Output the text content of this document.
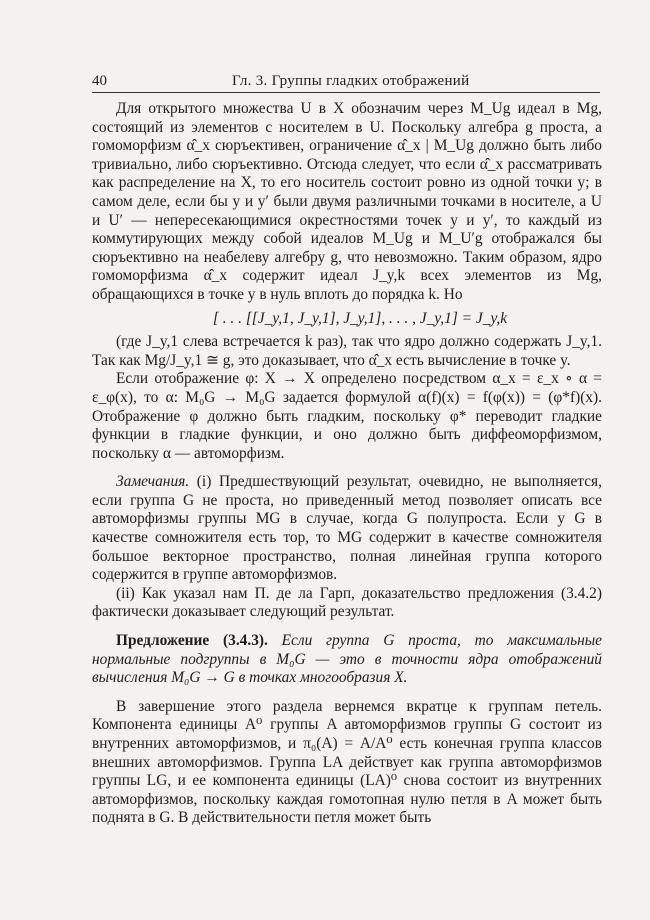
40	Гл. 3. Группы гладких отображений

Для открытого множества U в X обозначим через M_Ug идеал в Mg, состоящий из элементов с носителем в U. Поскольку алгебра g проста, а гомоморфизм α̂_x сюръективен, ограничение α̂_x | M_Ug должно быть либо тривиально, либо сюръективно. Отсюда следует, что если α̂_x рассматривать как распределение на X, то его носитель состоит ровно из одной точки y; в самом деле, если бы y и y′ были двумя различными точками в носителе, а U и U′ — непересекающимися окрестностями точек y и y′, то каждый из коммутирующих между собой идеалов M_Ug и M_U′g отображался бы сюръективно на неабелеву алгебру g, что невозможно. Таким образом, ядро гомоморфизма α̂_x содержит идеал J_y,k всех элементов из Mg, обращающихся в точке y в нуль вплоть до порядка k. Но

[ . . . [[J_y,1, J_y,1], J_y,1], . . . , J_y,1] = J_y,k

(где J_y,1 слева встречается k раз), так что ядро должно содержать J_y,1. Так как Mg/J_y,1 ≅ g, это доказывает, что α̂_x есть вычисление в точке y.

Если отображение φ: X → X определено посредством α_x = ε_x ∘ α = ε_φ(x), то α: M₀G → M₀G задается формулой α(f)(x) = f(φ(x)) = (φ*f)(x). Отображение φ должно быть гладким, поскольку φ* переводит гладкие функции в гладкие функции, и оно должно быть диффеоморфизмом, поскольку α — автоморфизм.

Замечания. (i) Предшествующий результат, очевидно, не выполняется, если группа G не проста, но приведенный метод позволяет описать все автоморфизмы группы MG в случае, когда G полупроста. Если у G в качестве сомножителя есть тор, то MG содержит в качестве сомножителя большое векторное пространство, полная линейная группа которого содержится в группе автоморфизмов.

(ii) Как указал нам П. де ла Гарп, доказательство предложения (3.4.2) фактически доказывает следующий результат.

Предложение (3.4.3). Если группа G проста, то максимальные нормальные подгруппы в M₀G — это в точности ядра отображений вычисления M₀G → G в точках многообразия X.

В завершение этого раздела вернемся вкратце к группам петель. Компонента единицы A⁰ группы A автоморфизмов группы G состоит из внутренних автоморфизмов, и π₀(A) = A/A⁰ есть конечная группа классов внешних автоморфизмов. Группа LA действует как группа автоморфизмов группы LG, и ее компонента единицы (LA)⁰ снова состоит из внутренних автоморфизмов, поскольку каждая гомотопная нулю петля в A может быть поднята в G. В действительности петля может быть
